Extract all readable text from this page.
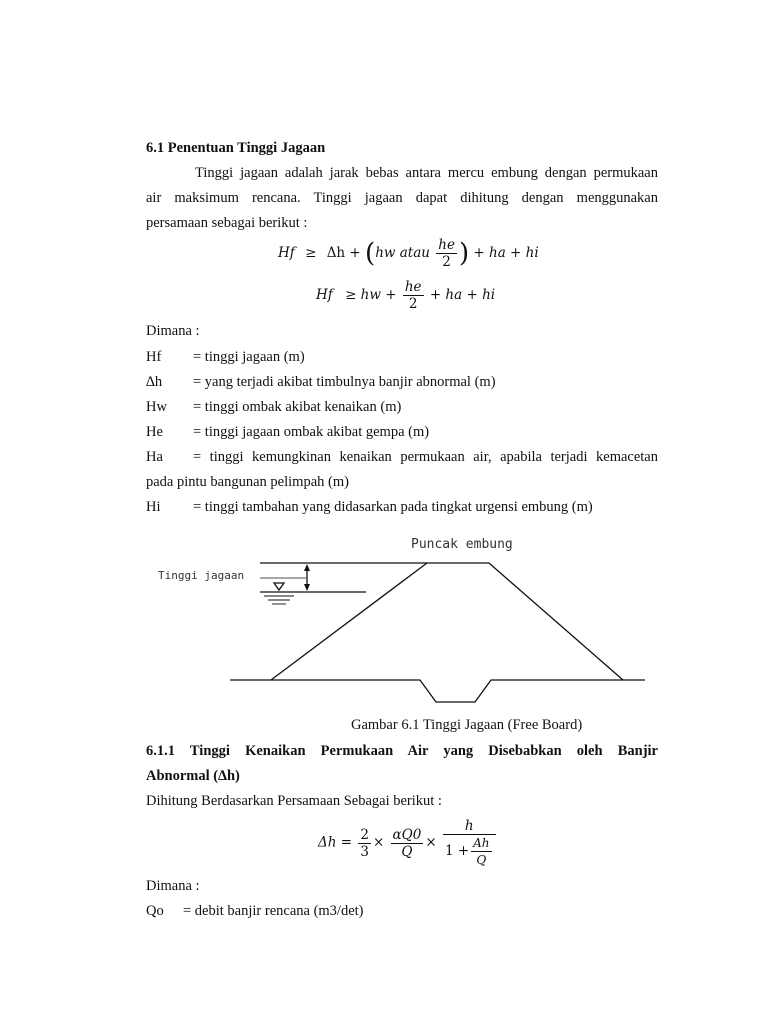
6.1 Penentuan Tinggi Jagaan
Tinggi jagaan adalah jarak bebas antara mercu embung dengan permukaan
air maksimum rencana. Tinggi jagaan dapat dihitung dengan menggunakan
persamaan sebagai berikut :
Hf ≥ Δh + (hw atau $\frac{he}{2}$ ) + ha + hi
Hf ≥ hw + $\frac{he}{2}$ + ha + hi
Dimana :
Hf = tinggi jagaan (m)
∆h = yang terjadi akibat timbulnya banjir abnormal (m)
Hw = tinggi ombak akibat kenaikan (m)
He = tinggi jagaan ombak akibat gempa (m)
Ha = tinggi kemungkinan kenaikan permukaan air, apabila terjadi kemacetan
pada pintu bangunan pelimpah (m)
Hi = tinggi tambahan yang didasarkan pada tingkat urgensi embung (m)
Puncak embung
Tinggi jagaan
Gambar 6.1 Tinggi Jagaan (Free Board)
6.1.1 Tinggi Kenaikan Permukaan Air yang Disebabkan oleh Banjir
Abnormal (∆h)
Dihitung Berdasarkan Persamaan Sebagai berikut :
$\Delta h = \frac{2}{3} \times \frac{\alpha Q0}{Q} \times \frac{h}{1 + \frac{Ah}{Q}}$
Dimana :
Qo = debit banjir rencana (m3/det)
